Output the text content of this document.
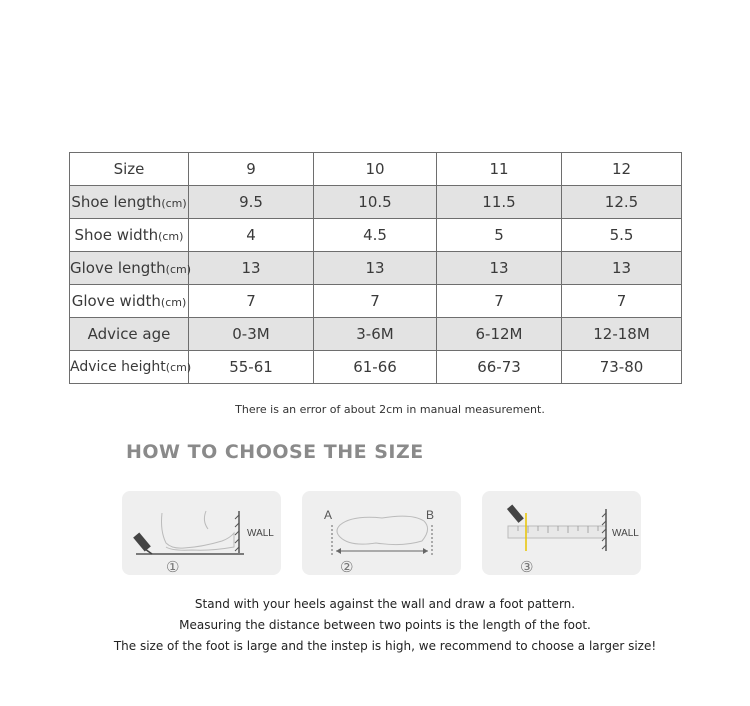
Size	9	10	11	12
Shoe length(cm)	9.5	10.5	11.5	12.5
Shoe width(cm)	4	4.5	5	5.5
Glove length(cm)	13	13	13	13
Glove width(cm)	7	7	7	7
Advice age	0-3M	3-6M	6-12M	12-18M
Advice height(cm)	55-61	61-66	66-73	73-80
There is an error of about 2cm in manual measurement.
HOW TO CHOOSE THE SIZE
WALL
①
A	B
②
WALL
③
Stand with your heels against the wall and draw a foot pattern.
Measuring the distance between two points is the length of the foot.
The size of the foot is large and the instep is high, we recommend to choose a larger size!
